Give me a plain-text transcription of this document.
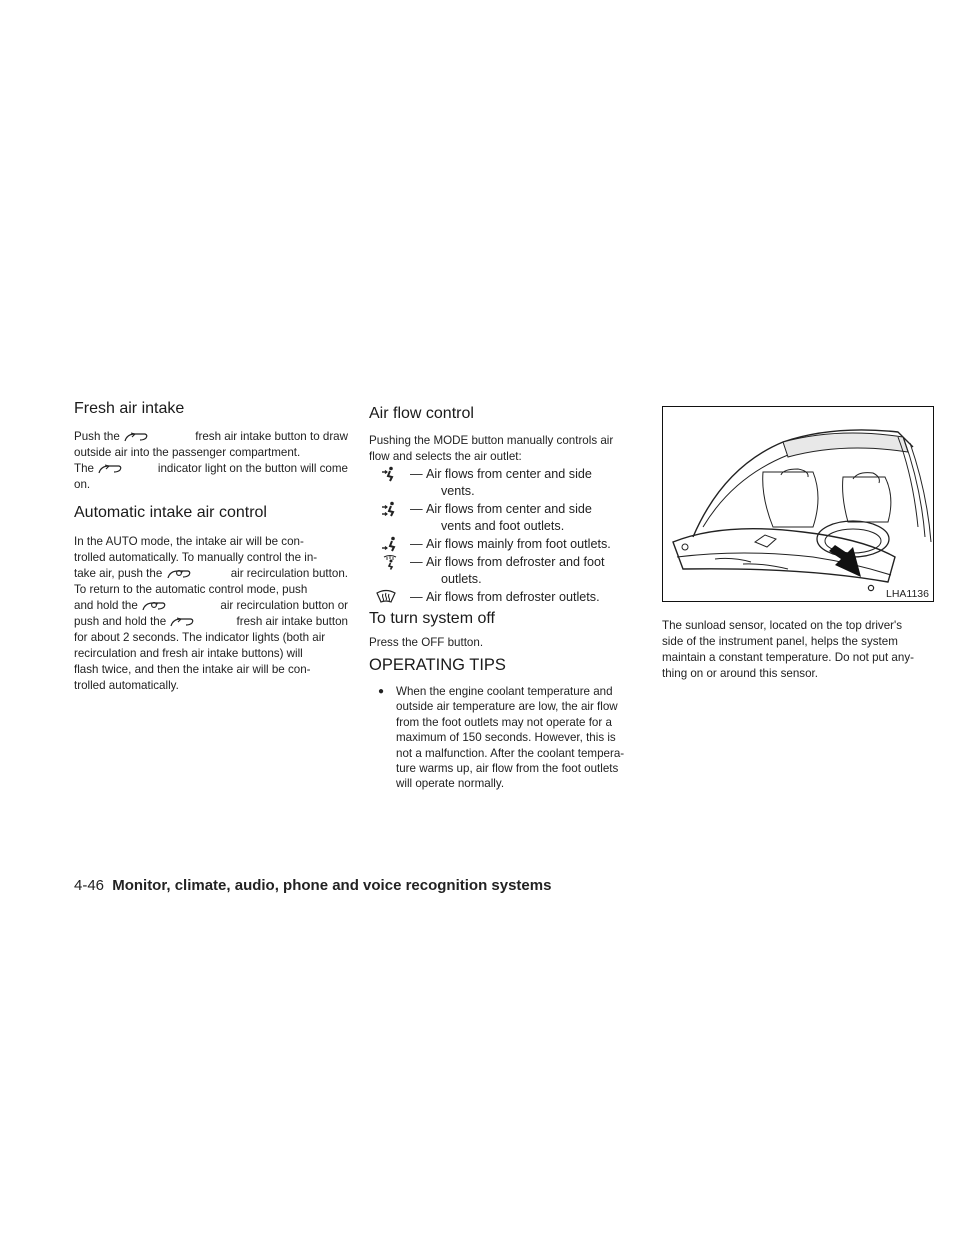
Fresh air intake

Push the	fresh air intake button to draw

outside air into the passenger compartment.

The	indicator light on the button will come

on.

Automatic intake air control

In the AUTO mode, the intake air will be con-

trolled automatically. To manually control the in-

take air, push the	air recirculation button.

To return to the automatic control mode, push

and hold the	air recirculation button or

push and hold the	fresh air intake button

for about 2 seconds. The indicator lights (both air

recirculation and fresh air intake buttons) will

flash twice, and then the intake air will be con-

trolled automatically.

Air flow control

Pushing the MODE button manually controls air

flow and selects the air outlet:

— Air flows from center and side
vents.
— Air flows from center and side
vents and foot outlets.
— Air flows mainly from foot outlets.
— Air flows from defroster and foot
outlets.
— Air flows from defroster outlets.
To turn system off

Press the OFF button.

OPERATING TIPS
● When the engine coolant temperature and

outside air temperature are low, the air flow

from the foot outlets may not operate for a

maximum of 150 seconds. However, this is

not a malfunction. After the coolant tempera-

ture warms up, air flow from the foot outlets

will operate normally.

LHA1136

The sunload sensor, located on the top driver's

side of the instrument panel, helps the system

maintain a constant temperature. Do not put any-

thing on or around this sensor.

4-46 Monitor, climate, audio, phone and voice recognition systems
